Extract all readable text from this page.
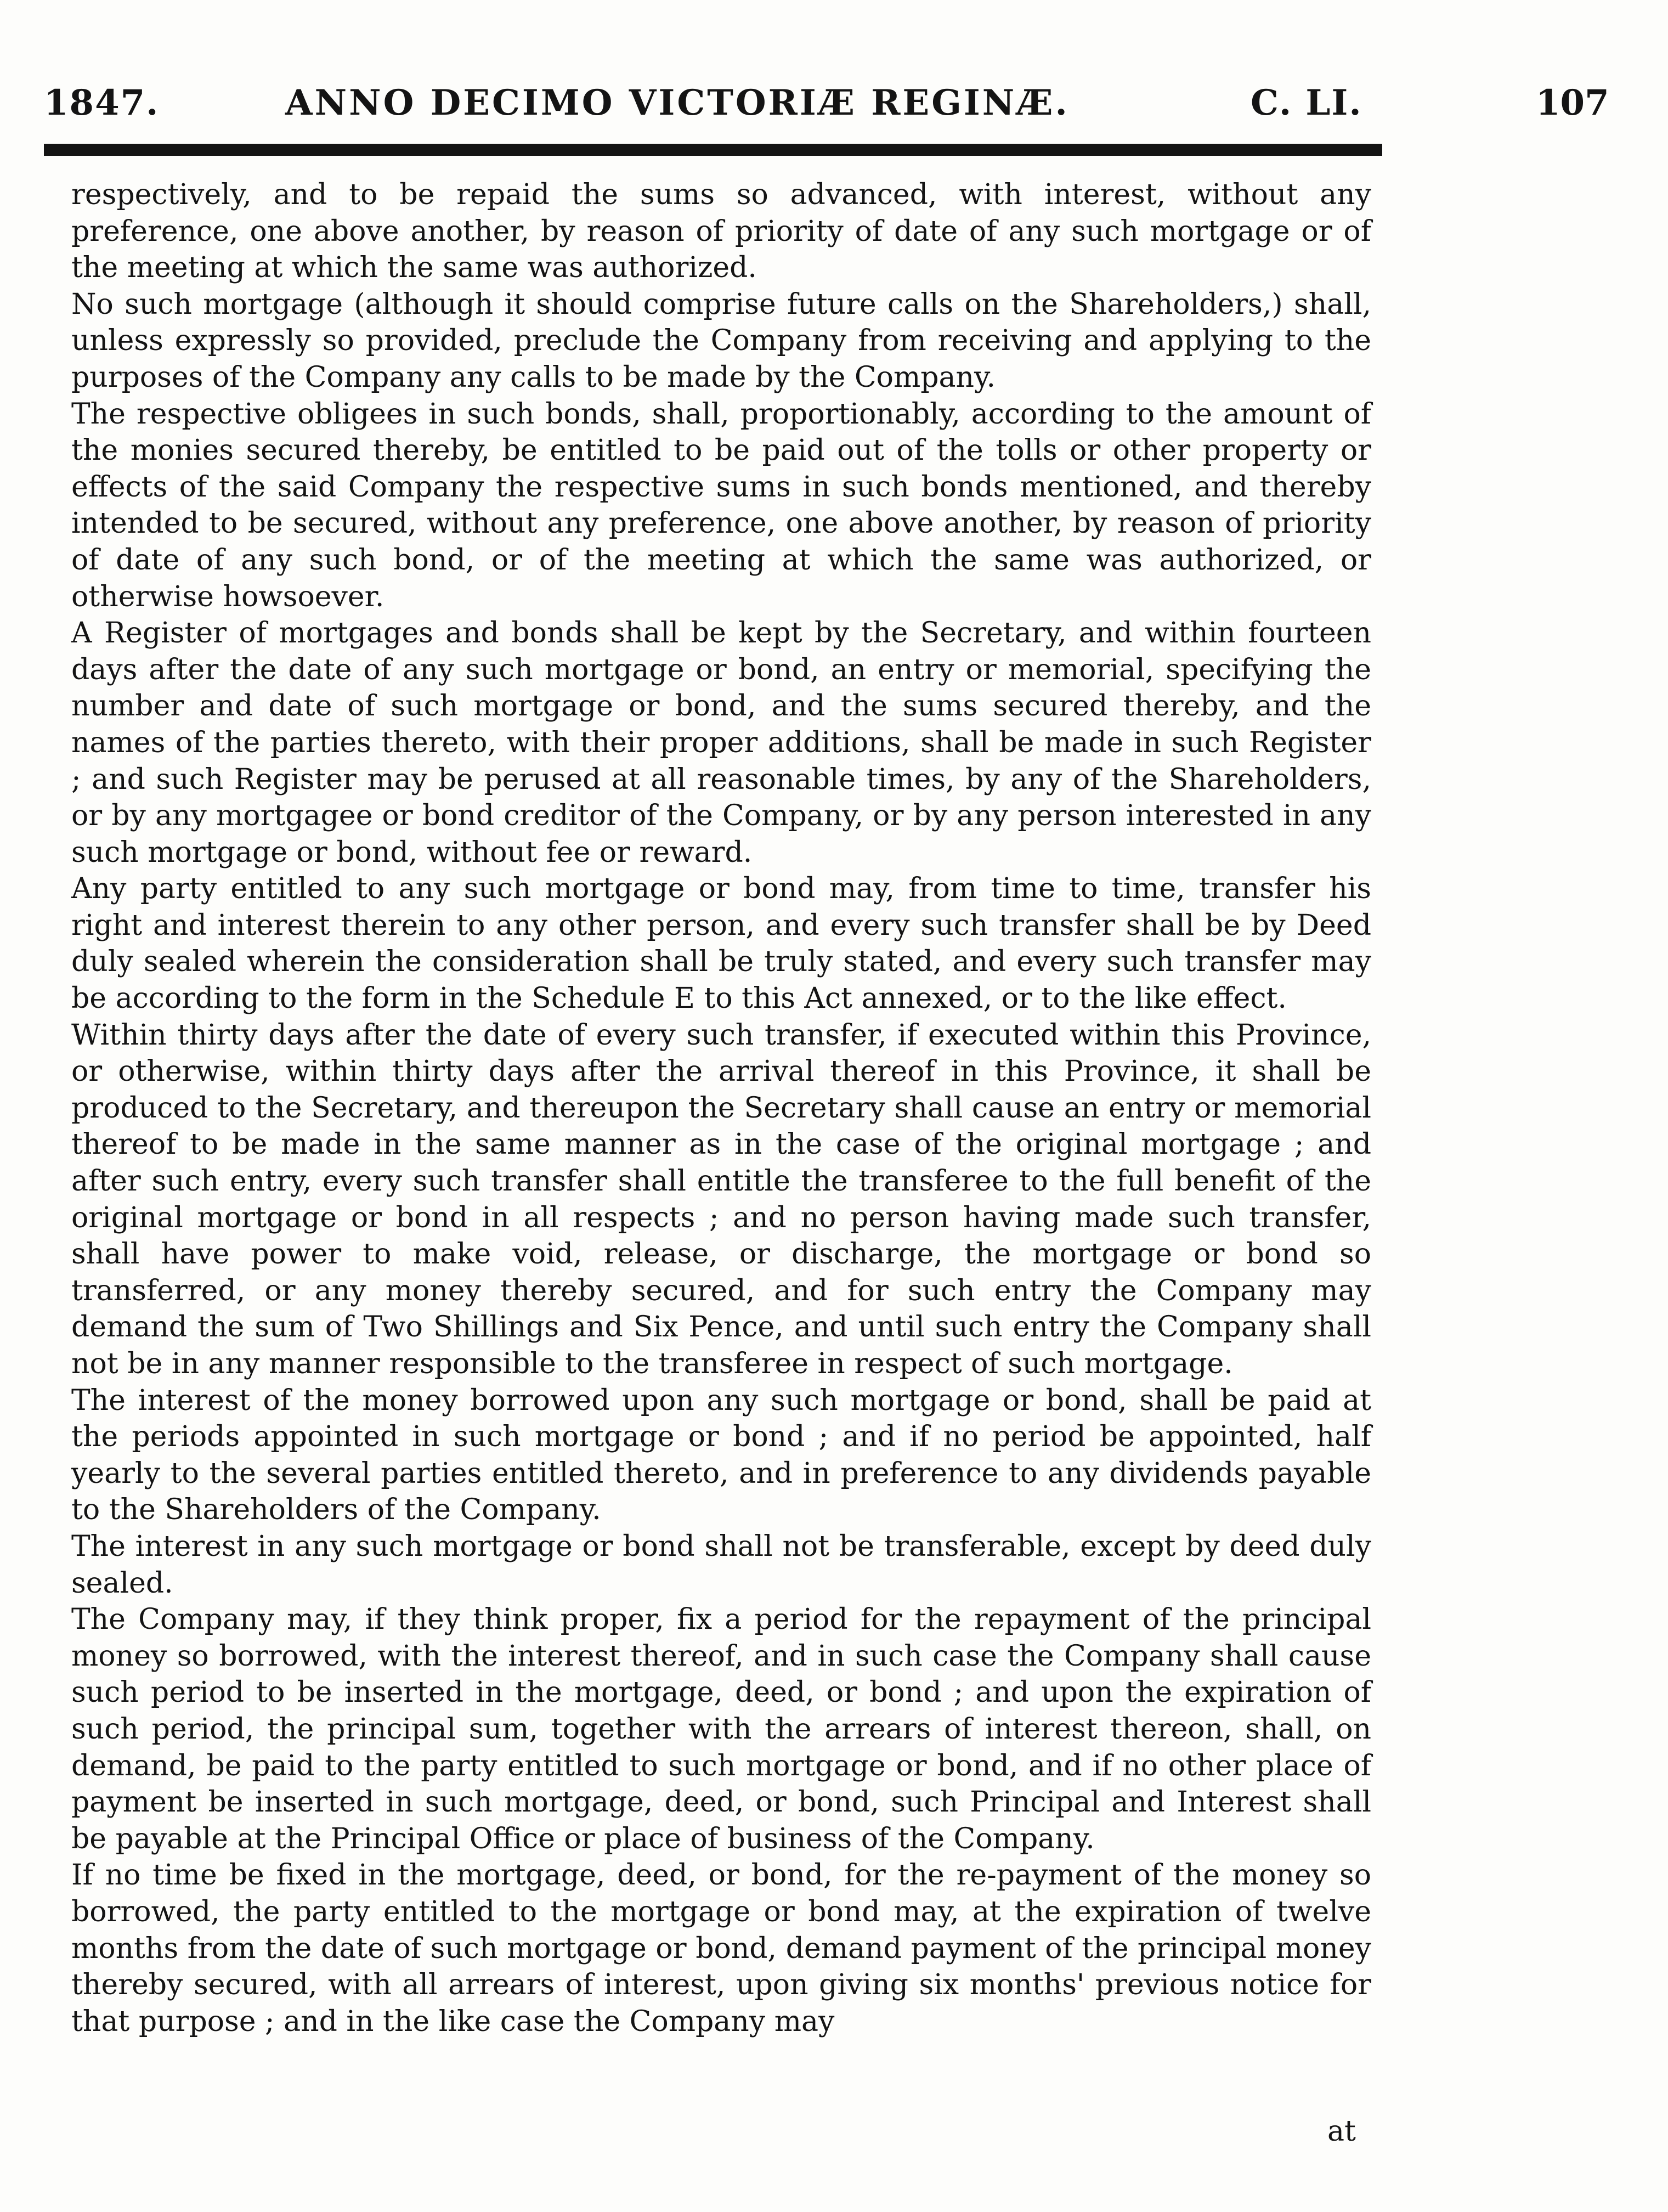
1847.	ANNO DECIMO VICTORIÆ REGINÆ.	C. LI.	107

respectively, and to be repaid the sums so advanced, with interest, without any preference, one above another, by reason of priority of date of any such mortgage or of the meeting at which the same was authorized.

No such mortgage (although it should comprise future calls on the Shareholders,) shall, unless expressly so provided, preclude the Company from receiving and applying to the purposes of the Company any calls to be made by the Company.

The respective obligees in such bonds, shall, proportionably, according to the amount of the monies secured thereby, be entitled to be paid out of the tolls or other property or effects of the said Company the respective sums in such bonds mentioned, and thereby intended to be secured, without any preference, one above another, by reason of priority of date of any such bond, or of the meeting at which the same was authorized, or otherwise howsoever.

A Register of mortgages and bonds shall be kept by the Secretary, and within fourteen days after the date of any such mortgage or bond, an entry or memorial, specifying the number and date of such mortgage or bond, and the sums secured thereby, and the names of the parties thereto, with their proper additions, shall be made in such Register ; and such Register may be perused at all reasonable times, by any of the Shareholders, or by any mortgagee or bond creditor of the Company, or by any person interested in any such mortgage or bond, without fee or reward.

Any party entitled to any such mortgage or bond may, from time to time, transfer his right and interest therein to any other person, and every such transfer shall be by Deed duly sealed wherein the consideration shall be truly stated, and every such transfer may be according to the form in the Schedule E to this Act annexed, or to the like effect.

Within thirty days after the date of every such transfer, if executed within this Province, or otherwise, within thirty days after the arrival thereof in this Province, it shall be produced to the Secretary, and thereupon the Secretary shall cause an entry or memorial thereof to be made in the same manner as in the case of the original mortgage ; and after such entry, every such transfer shall entitle the transferee to the full benefit of the original mortgage or bond in all respects ; and no person having made such transfer, shall have power to make void, release, or discharge, the mortgage or bond so transferred, or any money thereby secured, and for such entry the Company may demand the sum of Two Shillings and Six Pence, and until such entry the Company shall not be in any manner responsible to the transferee in respect of such mortgage.

The interest of the money borrowed upon any such mortgage or bond, shall be paid at the periods appointed in such mortgage or bond ; and if no period be appointed, half yearly to the several parties entitled thereto, and in preference to any dividends payable to the Shareholders of the Company.

The interest in any such mortgage or bond shall not be transferable, except by deed duly sealed.

The Company may, if they think proper, fix a period for the repayment of the principal money so borrowed, with the interest thereof, and in such case the Company shall cause such period to be inserted in the mortgage, deed, or bond ; and upon the expiration of such period, the principal sum, together with the arrears of interest thereon, shall, on demand, be paid to the party entitled to such mortgage or bond, and if no other place of payment be inserted in such mortgage, deed, or bond, such Principal and Interest shall be payable at the Principal Office or place of business of the Company.

If no time be fixed in the mortgage, deed, or bond, for the re-payment of the money so borrowed, the party entitled to the mortgage or bond may, at the expiration of twelve months from the date of such mortgage or bond, demand payment of the principal money thereby secured, with all arrears of interest, upon giving six months' previous notice for that purpose ; and in the like case the Company may

at
